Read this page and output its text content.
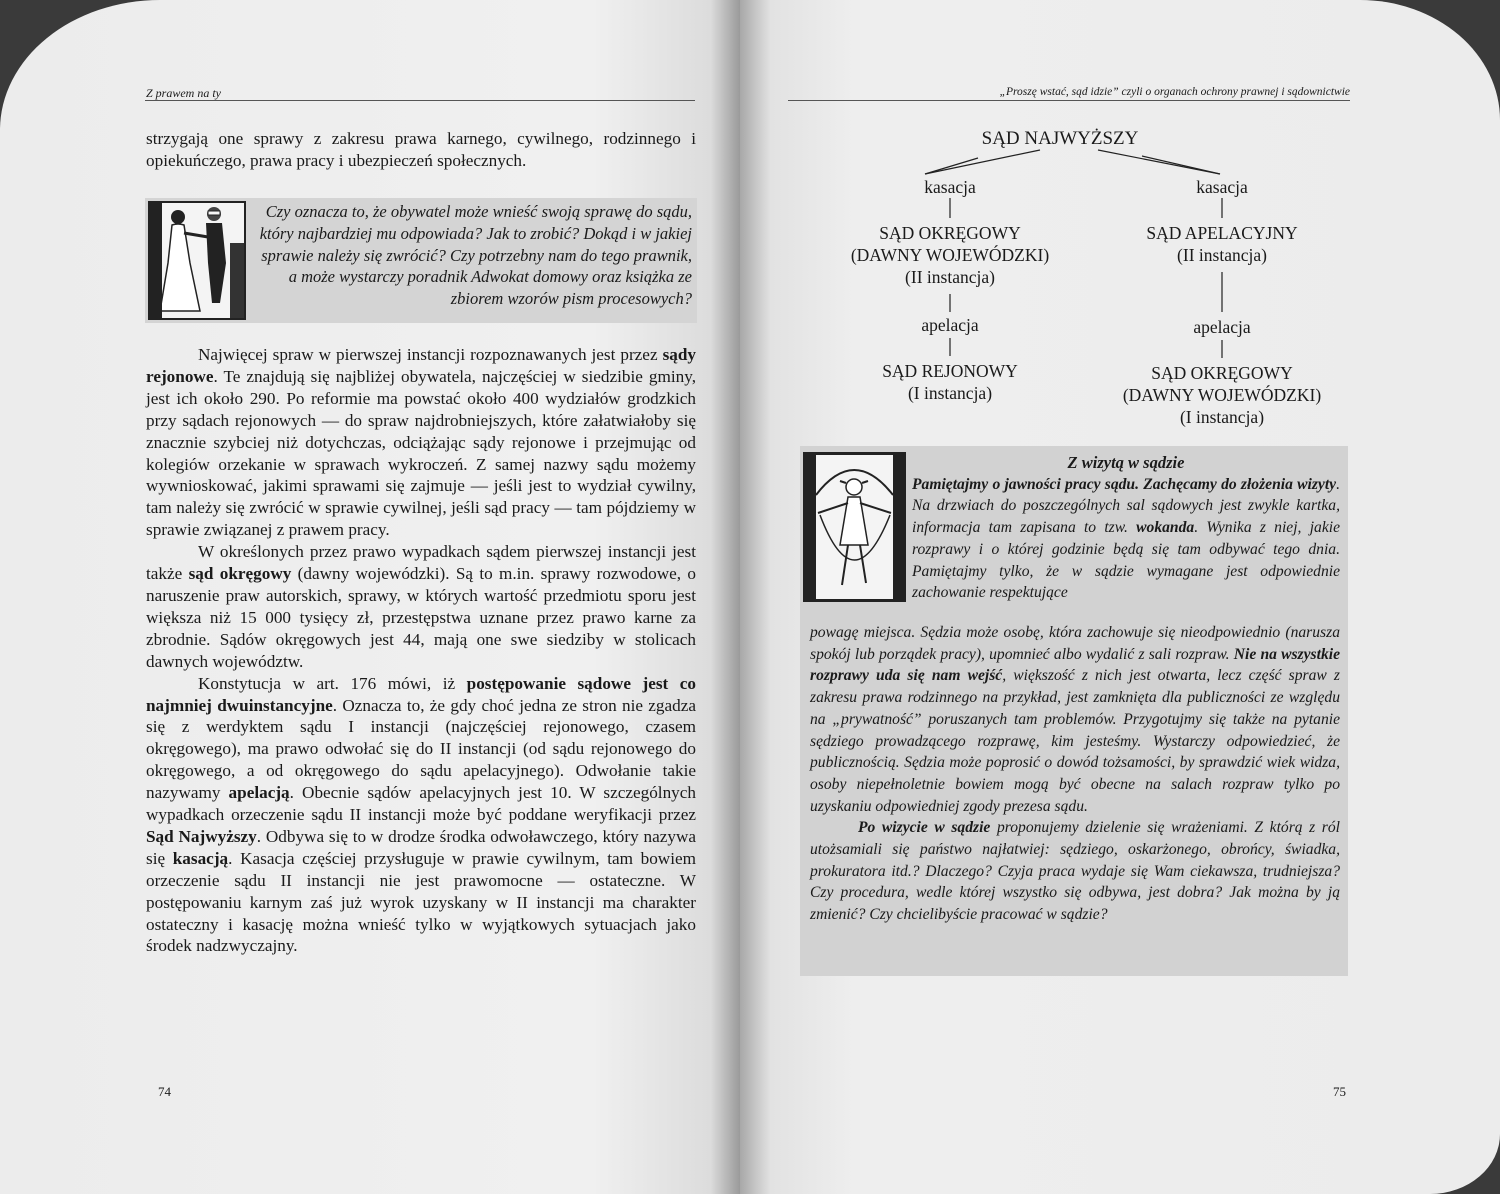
Z prawem na ty

strzygają one sprawy z zakresu prawa karnego, cywilnego, rodzinnego i opiekuńczego, prawa pracy i ubezpieczeń społecznych.

Czy oznacza to, że obywatel może wnieść swoją sprawę do sądu, który najbardziej mu odpowiada? Jak to zrobić? Dokąd i w jakiej sprawie należy się zwrócić? Czy potrzebny nam do tego prawnik, a może wystarczy poradnik Adwokat domowy oraz książka ze zbiorem wzorów pism procesowych?

Najwięcej spraw w pierwszej instancji rozpoznawanych jest przez sądy rejonowe. Te znajdują się najbliżej obywatela, najczęściej w siedzibie gminy, jest ich około 290. Po reformie ma powstać około 400 wydziałów grodzkich przy sądach rejonowych — do spraw najdrobniejszych, które załatwiałoby się znacznie szybciej niż dotychczas, odciążając sądy rejonowe i przejmując od kolegiów orzekanie w sprawach wykroczeń. Z samej nazwy sądu możemy wywnioskować, jakimi sprawami się zajmuje — jeśli jest to wydział cywilny, tam należy się zwrócić w sprawie cywilnej, jeśli sąd pracy — tam pójdziemy w sprawie związanej z prawem pracy.

W określonych przez prawo wypadkach sądem pierwszej instancji jest także sąd okręgowy (dawny wojewódzki). Są to m.in. sprawy rozwodowe, o naruszenie praw autorskich, sprawy, w których wartość przedmiotu sporu jest większa niż 15 000 tysięcy zł, przestępstwa uznane przez prawo karne za zbrodnie. Sądów okręgowych jest 44, mają one swe siedziby w stolicach dawnych województw.

Konstytucja w art. 176 mówi, iż postępowanie sądowe jest co najmniej dwuinstancyjne. Oznacza to, że gdy choć jedna ze stron nie zgadza się z werdyktem sądu I instancji (najczęściej rejonowego, czasem okręgowego), ma prawo odwołać się do II instancji (od sądu rejonowego do okręgowego, a od okręgowego do sądu apelacyjnego). Odwołanie takie nazywamy apelacją. Obecnie sądów apelacyjnych jest 10. W szczególnych wypadkach orzeczenie sądu II instancji może być poddane weryfikacji przez Sąd Najwyższy. Odbywa się to w drodze środka odwoławczego, który nazywa się kasacją. Kasacja częściej przysługuje w prawie cywilnym, tam bowiem orzeczenie sądu II instancji nie jest prawomocne — ostateczne. W postępowaniu karnym zaś już wyrok uzyskany w II instancji ma charakter ostateczny i kasację można wnieść tylko w wyjątkowych sytuacjach jako środek nadzwyczajny.

74
„Proszę wstać, sąd idzie” czyli o organach ochrony prawnej i sądownictwie
SĄD NAJWYŻSZY
kasacja	kasacja
SĄD OKRĘGOWY
(DAWNY WOJEWÓDZKI)
(II instancja)
SĄD APELACYJNY
(II instancja)
apelacja	apelacja
SĄD REJONOWY
(I instancja)
SĄD OKRĘGOWY
(DAWNY WOJEWÓDZKI)
(I instancja)

Z wizytą w sądzie

Pamiętajmy o jawności pracy sądu. Zachęcamy do złożenia wizyty. Na drzwiach do poszczególnych sal sądowych jest zwykle kartka, informacja tam zapisana to tzw. wokanda. Wynika z niej, jakie rozprawy i o której godzinie będą się tam odbywać tego dnia. Pamiętajmy tylko, że w sądzie wymagane jest odpowiednie zachowanie respektujące

powagę miejsca. Sędzia może osobę, która zachowuje się nieodpowiednio (narusza spokój lub porządek pracy), upomnieć albo wydalić z sali rozpraw. Nie na wszystkie rozprawy uda się nam wejść, większość z nich jest otwarta, lecz część spraw z zakresu prawa rodzinnego na przykład, jest zamknięta dla publiczności ze względu na „prywatność” poruszanych tam problemów. Przygotujmy się także na pytanie sędziego prowadzącego rozprawę, kim jesteśmy. Wystarczy odpowiedzieć, że publicznością. Sędzia może poprosić o dowód tożsamości, by sprawdzić wiek widza, osoby niepełnoletnie bowiem mogą być obecne na salach rozpraw tylko po uzyskaniu odpowiedniej zgody prezesa sądu.

Po wizycie w sądzie proponujemy dzielenie się wrażeniami. Z którą z ról utożsamiali się państwo najłatwiej: sędziego, oskarżonego, obrońcy, świadka, prokuratora itd.? Dlaczego? Czyja praca wydaje się Wam ciekawsza, trudniejsza? Czy procedura, wedle której wszystko się odbywa, jest dobra? Jak można by ją zmienić? Czy chcielibyście pracować w sądzie?

75
